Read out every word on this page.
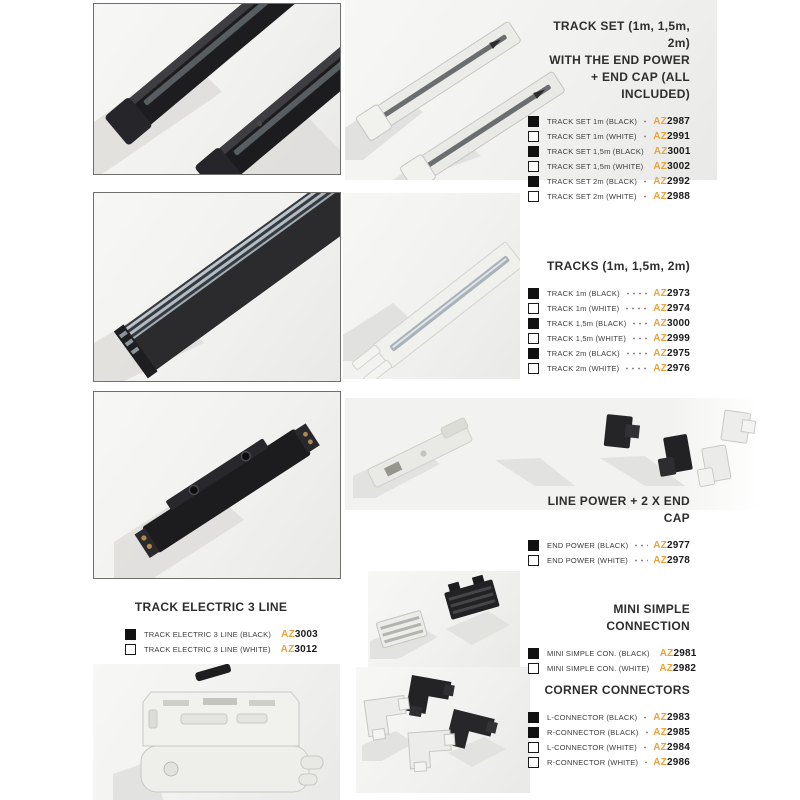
TRACK SET (1m, 1,5m, 2m)
WITH THE END POWER
+ END CAP (ALL INCLUDED)
TRACK SET 1m (BLACK) AZ2987
TRACK SET 1m (WHITE) AZ2991
TRACK SET 1,5m (BLACK) AZ3001
TRACK SET 1,5m (WHITE) AZ3002
TRACK SET 2m (BLACK) AZ2992
TRACK SET 2m (WHITE) AZ2988
TRACKS (1m, 1,5m, 2m)
TRACK 1m (BLACK)	AZ2973
TRACK 1m (WHITE)	AZ2974
TRACK 1,5m (BLACK)	AZ3000
TRACK 1,5m (WHITE)	AZ2999
TRACK 2m (BLACK)	AZ2975
TRACK 2m (WHITE)	AZ2976
LINE POWER + 2 X END CAP
END POWER (BLACK) AZ2977
END POWER (WHITE)	AZ2978
TRACK ELECTRIC 3 LINE
TRACK ELECTRIC 3 LINE (BLACK) AZ3003
TRACK ELECTRIC 3 LINE (WHITE) AZ3012
MINI SIMPLE CONNECTION
MINI SIMPLE CON. (BLACK) AZ2981
MINI SIMPLE CON. (WHITE) AZ2982
CORNER CONNECTORS
L-CONNECTOR (BLACK) AZ2983
R-CONNECTOR (BLACK) AZ2985
L-CONNECTOR (WHITE) AZ2984
R-CONNECTOR (WHITE) AZ2986
